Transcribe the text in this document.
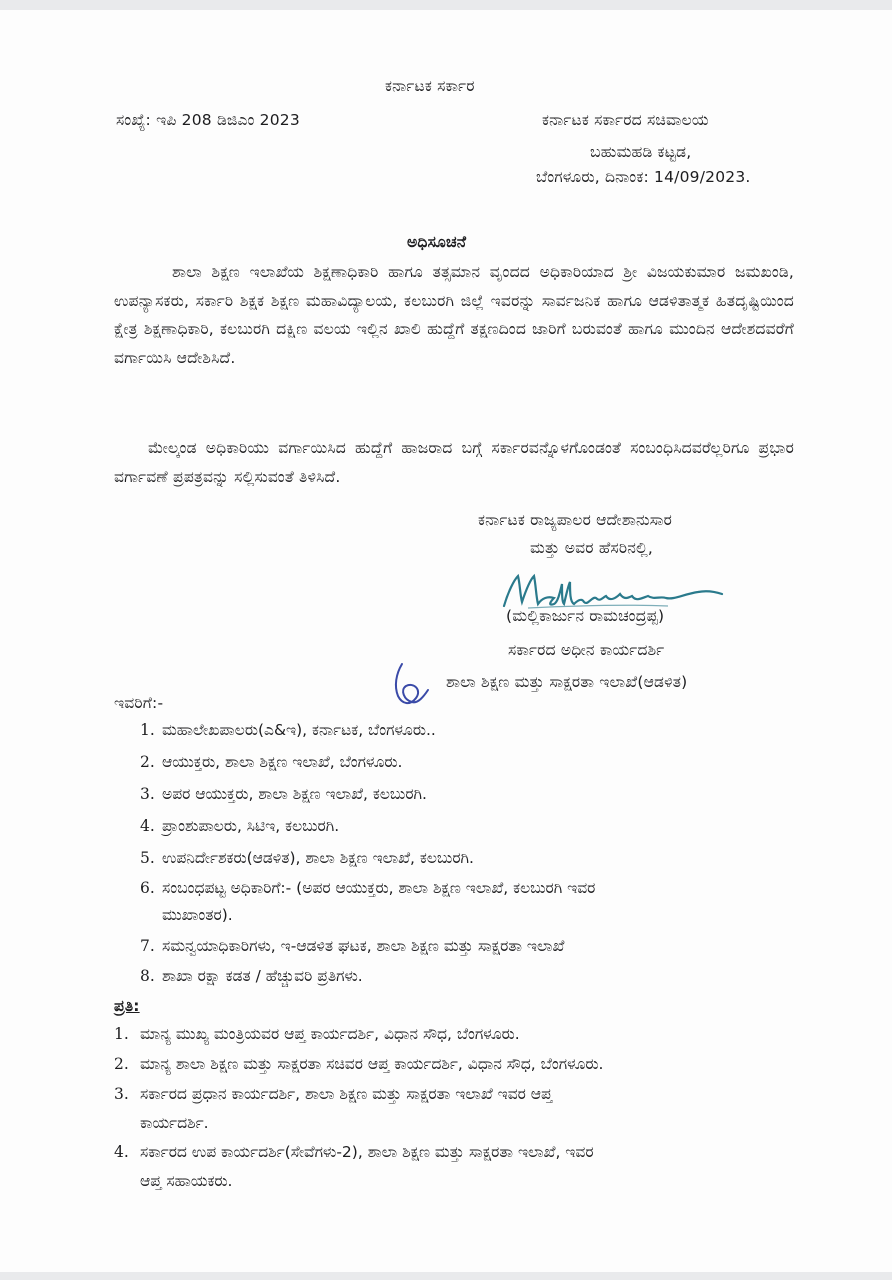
ಕರ್ನಾಟಕ ಸರ್ಕಾರ
ಸಂಖ್ಯೆ: ಇಪಿ 208 ಡಿಜಿಎಂ 2023	ಕರ್ನಾಟಕ ಸರ್ಕಾರದ ಸಚಿವಾಲಯ
ಬಹುಮಹಡಿ ಕಟ್ಟಡ,
ಬೆಂಗಳೂರು, ದಿನಾಂಕ: 14/09/2023.
ಅಧಿಸೂಚನೆ
ಶಾಲಾ ಶಿಕ್ಷಣ ಇಲಾಖೆಯ ಶಿಕ್ಷಣಾಧಿಕಾರಿ ಹಾಗೂ ತತ್ಸಮಾನ ವೃಂದದ ಅಧಿಕಾರಿಯಾದ ಶ್ರೀ ವಿಜಯಕುಮಾರ ಜಮಖಂಡಿ, ಉಪನ್ಯಾಸಕರು, ಸರ್ಕಾರಿ ಶಿಕ್ಷಕ ಶಿಕ್ಷಣ ಮಹಾವಿದ್ಯಾಲಯ, ಕಲಬುರಗಿ ಜಿಲ್ಲೆ ಇವರನ್ನು ಸಾರ್ವಜನಿಕ ಹಾಗೂ ಆಡಳಿತಾತ್ಮಕ ಹಿತದೃಷ್ಟಿಯಿಂದ ಕ್ಷೇತ್ರ ಶಿಕ್ಷಣಾಧಿಕಾರಿ, ಕಲಬುರಗಿ ದಕ್ಷಿಣ ವಲಯ ಇಲ್ಲಿನ ಖಾಲಿ ಹುದ್ದೆಗೆ ತಕ್ಷಣದಿಂದ ಜಾರಿಗೆ ಬರುವಂತೆ ಹಾಗೂ ಮುಂದಿನ ಆದೇಶದವರೆಗೆ ವರ್ಗಾಯಿಸಿ ಆದೇಶಿಸಿದೆ.
ಮೇಲ್ಕಂಡ ಅಧಿಕಾರಿಯು ವರ್ಗಾಯಿಸಿದ ಹುದ್ದೆಗೆ ಹಾಜರಾದ ಬಗ್ಗೆ ಸರ್ಕಾರವನ್ನೊಳಗೊಂಡಂತೆ ಸಂಬಂಧಿಸಿದವರೆಲ್ಲರಿಗೂ ಪ್ರಭಾರ ವರ್ಗಾವಣೆ ಪ್ರಪತ್ರವನ್ನು ಸಲ್ಲಿಸುವಂತೆ ತಿಳಿಸಿದೆ.
ಕರ್ನಾಟಕ ರಾಜ್ಯಪಾಲರ ಆದೇಶಾನುಸಾರ
ಮತ್ತು ಅವರ ಹೆಸರಿನಲ್ಲಿ,
(ಮಲ್ಲಿಕಾರ್ಜುನ ರಾಮಚಂದ್ರಪ್ಪ)
ಸರ್ಕಾರದ ಅಧೀನ ಕಾರ್ಯದರ್ಶಿ
ಶಾಲಾ ಶಿಕ್ಷಣ ಮತ್ತು ಸಾಕ್ಷರತಾ ಇಲಾಖೆ(ಆಡಳಿತ)
ಇವರಿಗೆ:-
1. ಮಹಾಲೇಖಪಾಲರು(ಎ&ಇ), ಕರ್ನಾಟಕ, ಬೆಂಗಳೂರು..
2. ಆಯುಕ್ತರು, ಶಾಲಾ ಶಿಕ್ಷಣ ಇಲಾಖೆ, ಬೆಂಗಳೂರು.
3. ಅಪರ ಆಯುಕ್ತರು, ಶಾಲಾ ಶಿಕ್ಷಣ ಇಲಾಖೆ, ಕಲಬುರಗಿ.
4. ಪ್ರಾಂಶುಪಾಲರು, ಸಿಟಿಇ, ಕಲಬುರಗಿ.
5. ಉಪನಿರ್ದೇಶಕರು(ಆಡಳಿತ), ಶಾಲಾ ಶಿಕ್ಷಣ ಇಲಾಖೆ, ಕಲಬುರಗಿ.
6. ಸಂಬಂಧಪಟ್ಟ ಅಧಿಕಾರಿಗೆ:- (ಅಪರ ಆಯುಕ್ತರು, ಶಾಲಾ ಶಿಕ್ಷಣ ಇಲಾಖೆ, ಕಲಬುರಗಿ ಇವರ
ಮುಖಾಂತರ).
7. ಸಮನ್ವಯಾಧಿಕಾರಿಗಳು, ಇ-ಆಡಳಿತ ಘಟಕ, ಶಾಲಾ ಶಿಕ್ಷಣ ಮತ್ತು ಸಾಕ್ಷರತಾ ಇಲಾಖೆ
8. ಶಾಖಾ ರಕ್ಷಾ ಕಡತ / ಹೆಚ್ಚುವರಿ ಪ್ರತಿಗಳು.
ಪ್ರತಿ:
1. ಮಾನ್ಯ ಮುಖ್ಯ ಮಂತ್ರಿಯವರ ಆಪ್ತ ಕಾರ್ಯದರ್ಶಿ, ವಿಧಾನ ಸೌಧ, ಬೆಂಗಳೂರು.
2. ಮಾನ್ಯ ಶಾಲಾ ಶಿಕ್ಷಣ ಮತ್ತು ಸಾಕ್ಷರತಾ ಸಚಿವರ ಆಪ್ತ ಕಾರ್ಯದರ್ಶಿ, ವಿಧಾನ ಸೌಧ, ಬೆಂಗಳೂರು.
3. ಸರ್ಕಾರದ ಪ್ರಧಾನ ಕಾರ್ಯದರ್ಶಿ, ಶಾಲಾ ಶಿಕ್ಷಣ ಮತ್ತು ಸಾಕ್ಷರತಾ ಇಲಾಖೆ ಇವರ ಆಪ್ತ
ಕಾರ್ಯದರ್ಶಿ.
4. ಸರ್ಕಾರದ ಉಪ ಕಾರ್ಯದರ್ಶಿ(ಸೇವೆಗಳು-2), ಶಾಲಾ ಶಿಕ್ಷಣ ಮತ್ತು ಸಾಕ್ಷರತಾ ಇಲಾಖೆ, ಇವರ
ಆಪ್ತ ಸಹಾಯಕರು.
